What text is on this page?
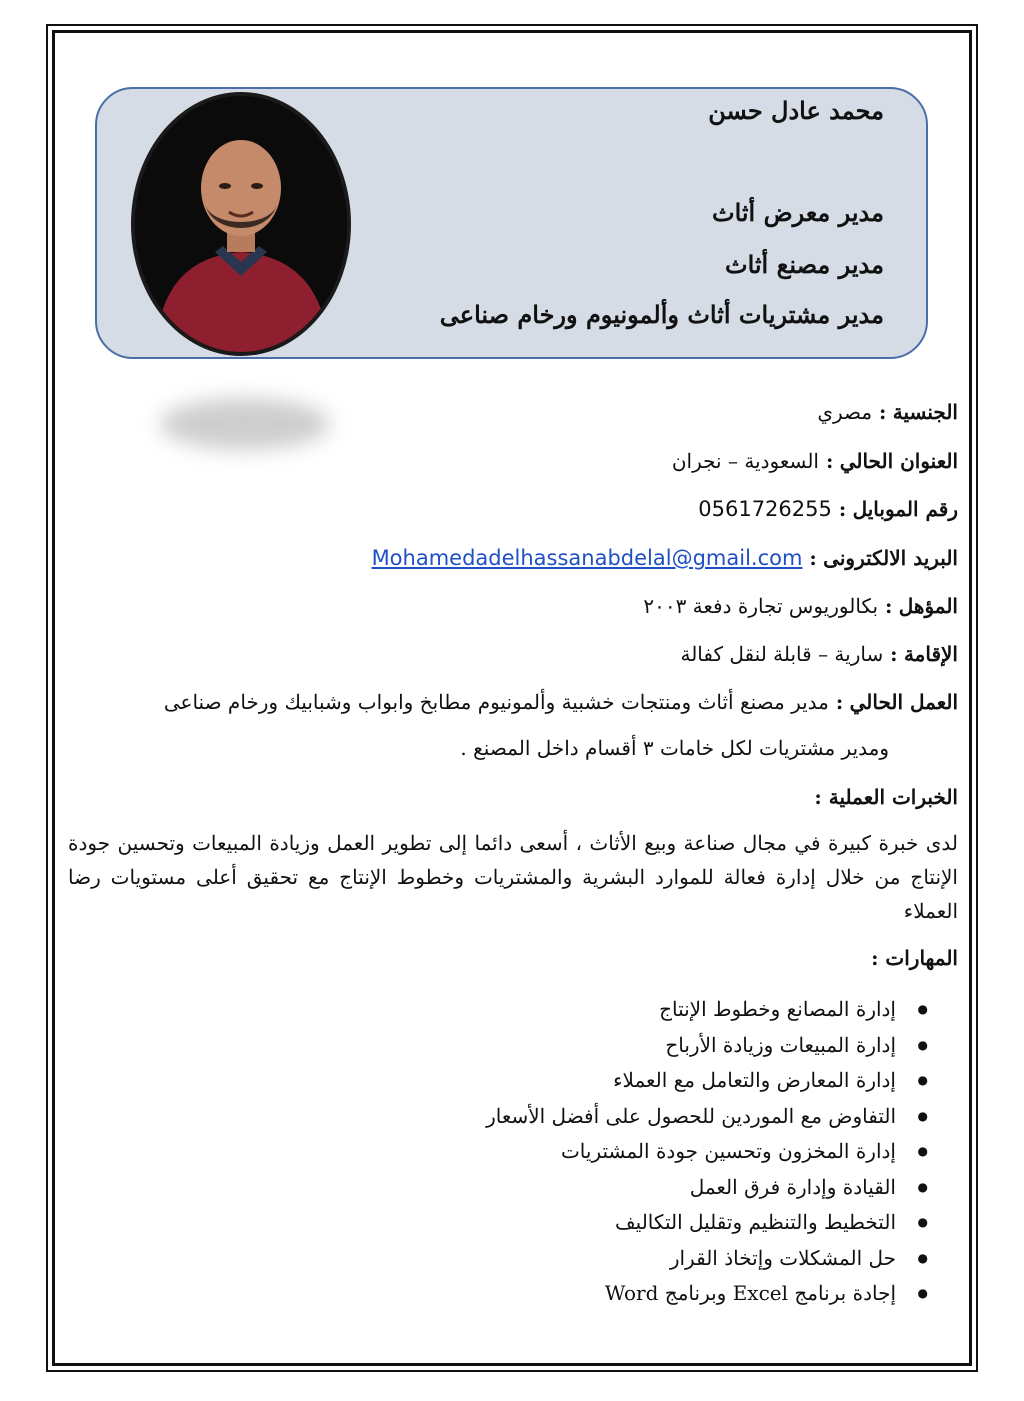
محمد عادل حسن
مدير معرض أثاث
مدير مصنع أثاث
مدير مشتريات أثاث وألمونيوم ورخام صناعى
الجنسية : مصري
العنوان الحالي : السعودية – نجران
رقم الموبايل : 0561726255
البريد الالكترونى : Mohamedadelhassanabdelal@gmail.com
المؤهل : بكالوريوس تجارة دفعة ٢٠٠٣
الإقامة : سارية – قابلة لنقل كفالة
العمل الحالي : مدير مصنع أثاث ومنتجات خشبية وألمونيوم مطابخ وابواب وشبابيك ورخام صناعى
ومدير مشتريات لكل خامات ٣ أقسام داخل المصنع .
الخبرات العملية :
لدى خبرة كبيرة في مجال صناعة وبيع الأثاث ، أسعى دائما إلى تطوير العمل وزيادة المبيعات وتحسين جودة الإنتاج من خلال إدارة فعالة للموارد البشرية والمشتريات وخطوط الإنتاج مع تحقيق أعلى مستويات رضا العملاء
المهارات :
● إدارة المصانع وخطوط الإنتاج
● إدارة المبيعات وزيادة الأرباح
● إدارة المعارض والتعامل مع العملاء
● التفاوض مع الموردين للحصول على أفضل الأسعار
● إدارة المخزون وتحسين جودة المشتريات
● القيادة وإدارة فرق العمل
● التخطيط والتنظيم وتقليل التكاليف
● حل المشكلات وإتخاذ القرار
● إجادة برنامج Excel وبرنامج Word
